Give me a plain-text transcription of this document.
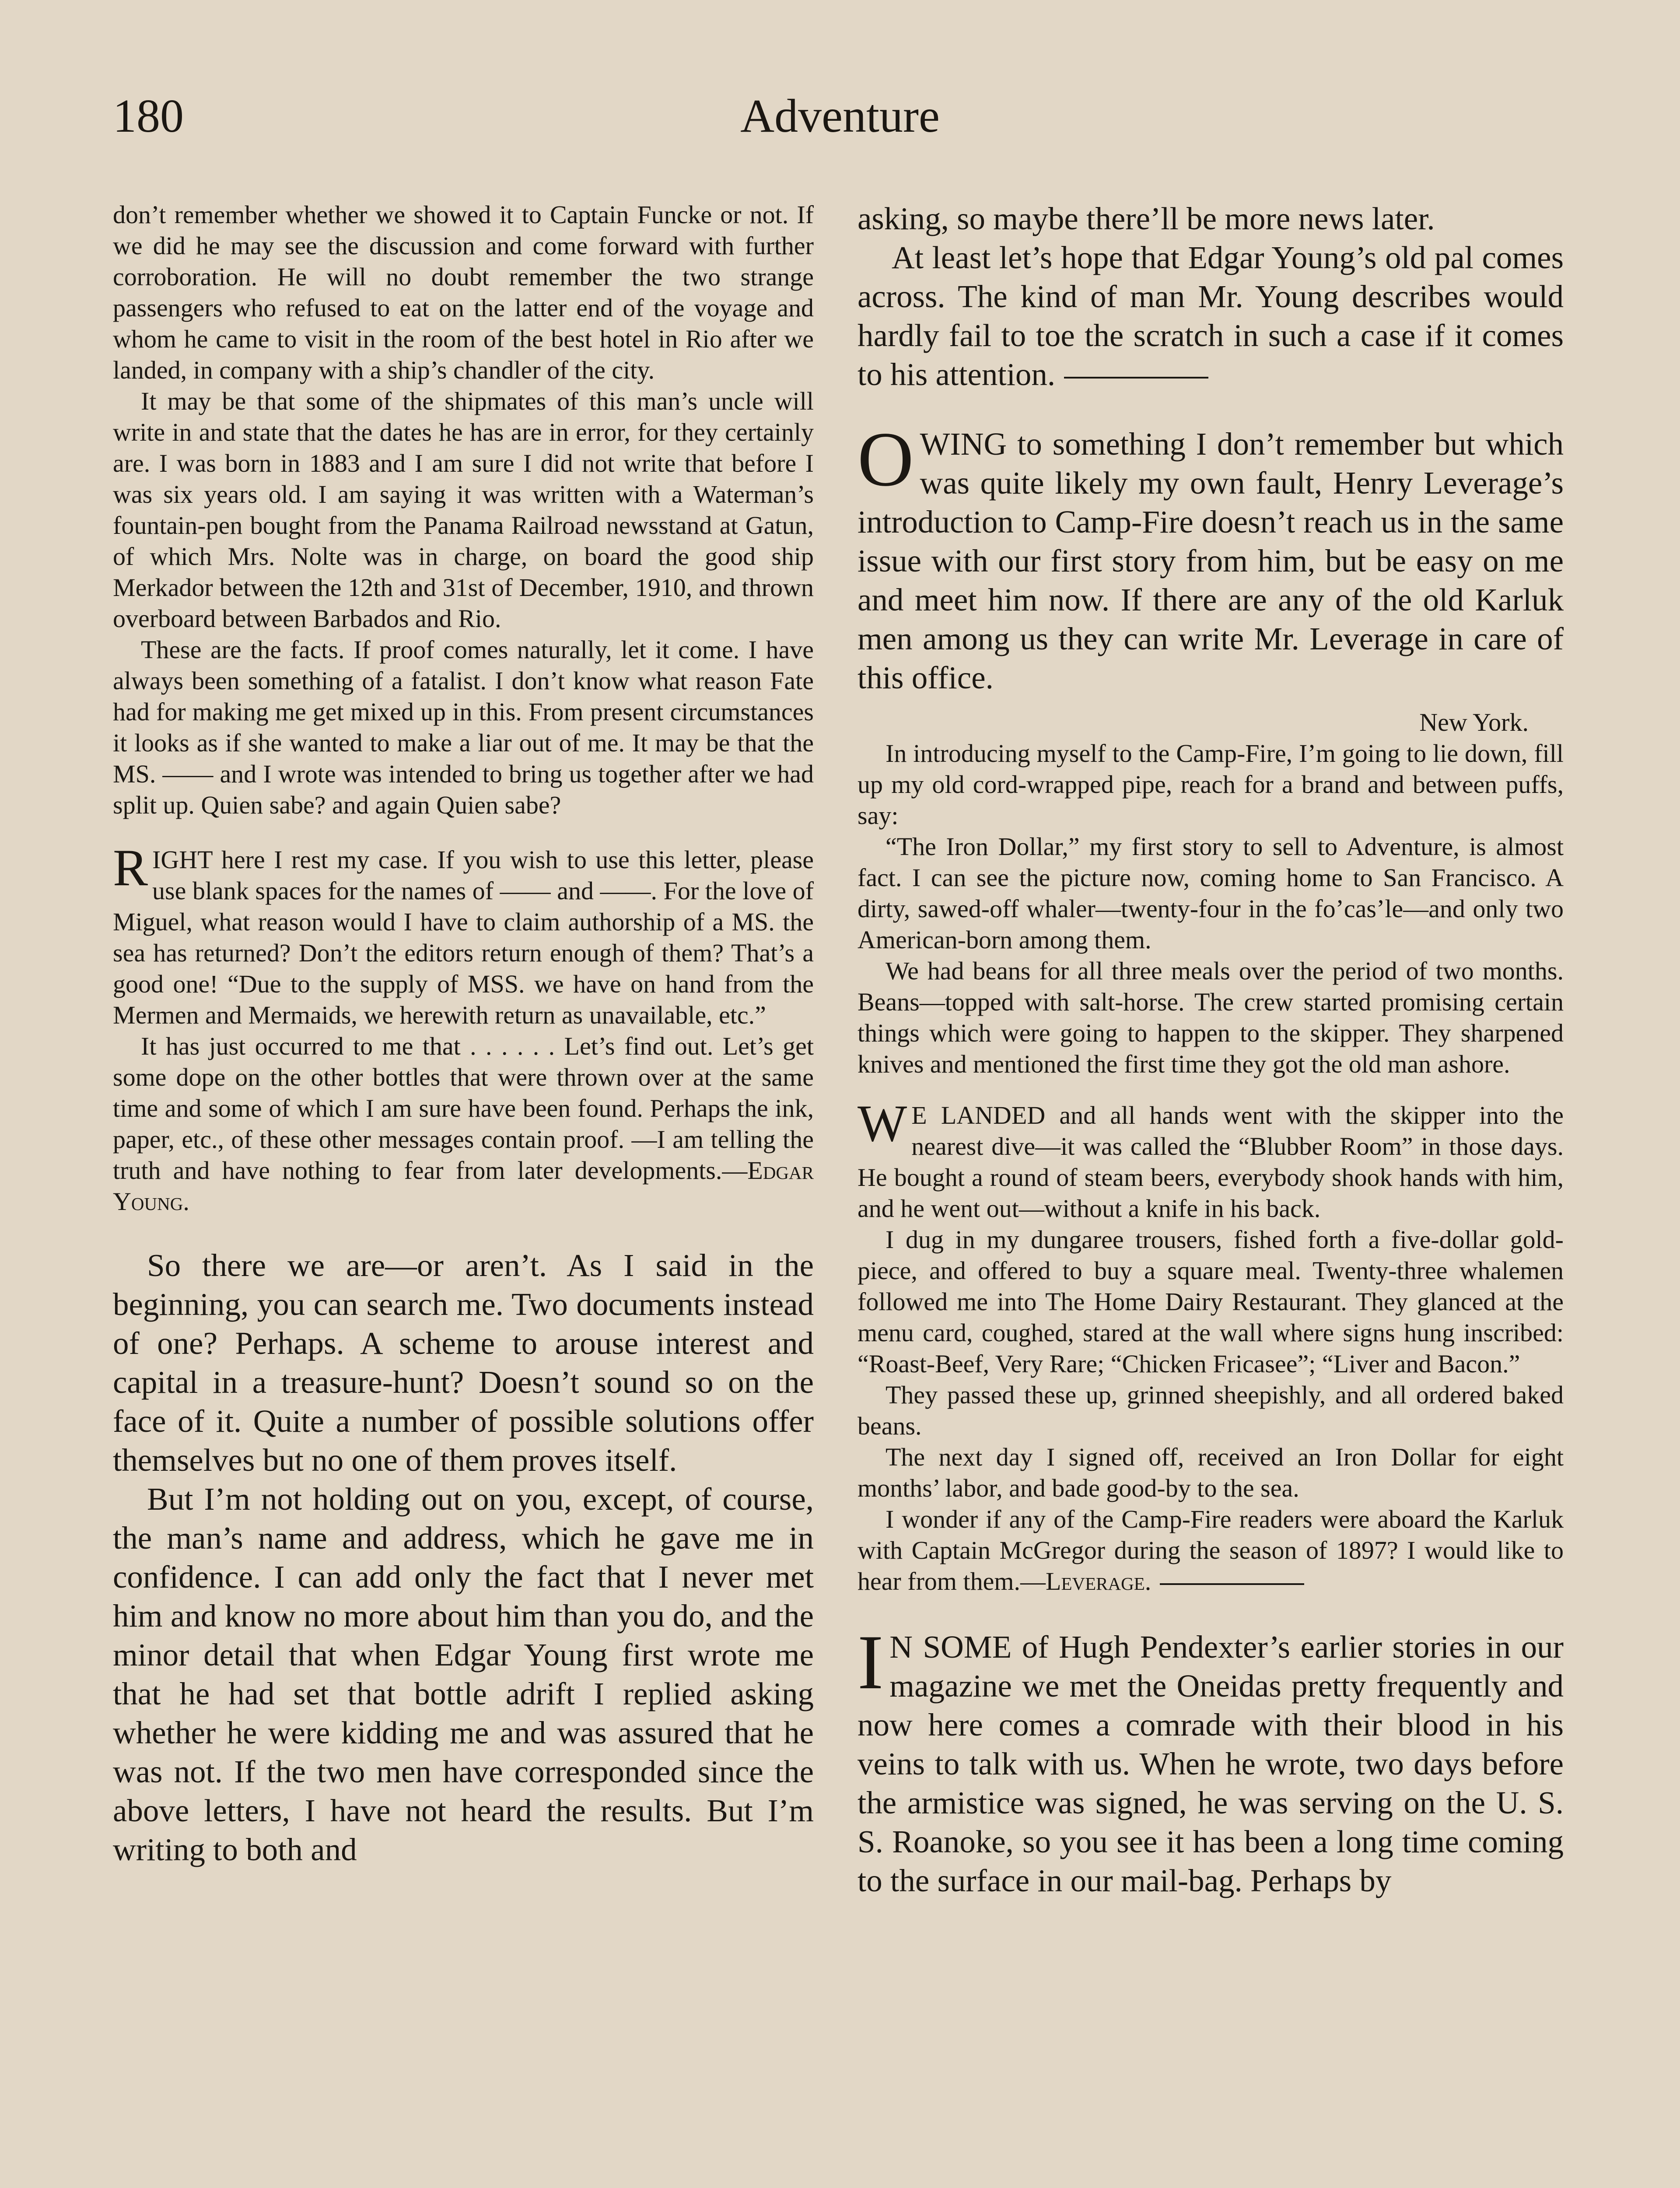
180	Adventure

don’t remember whether we showed it to Captain Funcke or not. If we did he may see the discussion and come forward with further corroboration. He will no doubt remember the two strange passengers who refused to eat on the latter end of the voyage and whom he came to visit in the room of the best hotel in Rio after we landed, in company with a ship’s chandler of the city.

It may be that some of the shipmates of this man’s uncle will write in and state that the dates he has are in error, for they certainly are. I was born in 1883 and I am sure I did not write that before I was six years old. I am saying it was written with a Waterman’s fountain-pen bought from the Panama Railroad newsstand at Gatun, of which Mrs. Nolte was in charge, on board the good ship Merkador between the 12th and 31st of December, 1910, and thrown overboard between Barbados and Rio.

These are the facts. If proof comes naturally, let it come. I have always been something of a fatalist. I don’t know what reason Fate had for making me get mixed up in this. From present circumstances it looks as if she wanted to make a liar out of me. It may be that the MS. —— and I wrote was intended to bring us together after we had split up. Quien sabe? and again Quien sabe?

RIGHT here I rest my case. If you wish to use this letter, please use blank spaces for the names of —— and ——. For the love of Miguel, what reason would I have to claim authorship of a MS. the sea has returned? Don’t the editors return enough of them? That’s a good one! “Due to the supply of MSS. we have on hand from the Mermen and Mermaids, we herewith return as unavailable, etc.”

It has just occurred to me that . . . . . . Let’s find out. Let’s get some dope on the other bottles that were thrown over at the same time and some of which I am sure have been found. Perhaps the ink, paper, etc., of these other messages contain proof. —I am telling the truth and have nothing to fear from later developments.—Edgar Young.

So there we are—or aren’t. As I said in the beginning, you can search me. Two documents instead of one? Perhaps. A scheme to arouse interest and capital in a treasure-hunt? Doesn’t sound so on the face of it. Quite a number of possible solutions offer themselves but no one of them proves itself.

But I’m not holding out on you, except, of course, the man’s name and address, which he gave me in confidence. I can add only the fact that I never met him and know no more about him than you do, and the minor detail that when Edgar Young first wrote me that he had set that bottle adrift I replied asking whether he were kidding me and was assured that he was not. If the two men have corresponded since the above letters, I have not heard the results. But I’m writing to both and

asking, so maybe there’ll be more news later.

At least let’s hope that Edgar Young’s old pal comes across. The kind of man Mr. Young describes would hardly fail to toe the scratch in such a case if it comes to his attention.

OWING to something I don’t remember but which was quite likely my own fault, Henry Leverage’s introduction to Camp-Fire doesn’t reach us in the same issue with our first story from him, but be easy on me and meet him now. If there are any of the old Karluk men among us they can write Mr. Leverage in care of this office.

New York.

In introducing myself to the Camp-Fire, I’m going to lie down, fill up my old cord-wrapped pipe, reach for a brand and between puffs, say:

“The Iron Dollar,” my first story to sell to Adventure, is almost fact. I can see the picture now, coming home to San Francisco. A dirty, sawed-off whaler—twenty-four in the fo’cas’le—and only two American-born among them.

We had beans for all three meals over the period of two months. Beans—topped with salt-horse. The crew started promising certain things which were going to happen to the skipper. They sharpened knives and mentioned the first time they got the old man ashore.

W E LANDED and all hands went with the skipper into the nearest dive—it was called the “Blubber Room” in those days. He bought a round of steam beers, everybody shook hands with him, and he went out—without a knife in his back.

I dug in my dungaree trousers, fished forth a five-dollar gold-piece, and offered to buy a square meal. Twenty-three whalemen followed me into The Home Dairy Restaurant. They glanced at the menu card, coughed, stared at the wall where signs hung inscribed: “Roast-Beef, Very Rare; “Chicken Fricasee”; “Liver and Bacon.”

They passed these up, grinned sheepishly, and all ordered baked beans.

The next day I signed off, received an Iron Dollar for eight months’ labor, and bade good-by to the sea.

I wonder if any of the Camp-Fire readers were aboard the Karluk with Captain McGregor during the season of 1897? I would like to hear from them.—Leverage.

I N SOME of Hugh Pendexter’s earlier stories in our magazine we met the Oneidas pretty frequently and now here comes a comrade with their blood in his veins to talk with us. When he wrote, two days before the armistice was signed, he was serving on the U. S. S. Roanoke, so you see it has been a long time coming to the surface in our mail-bag. Perhaps by
